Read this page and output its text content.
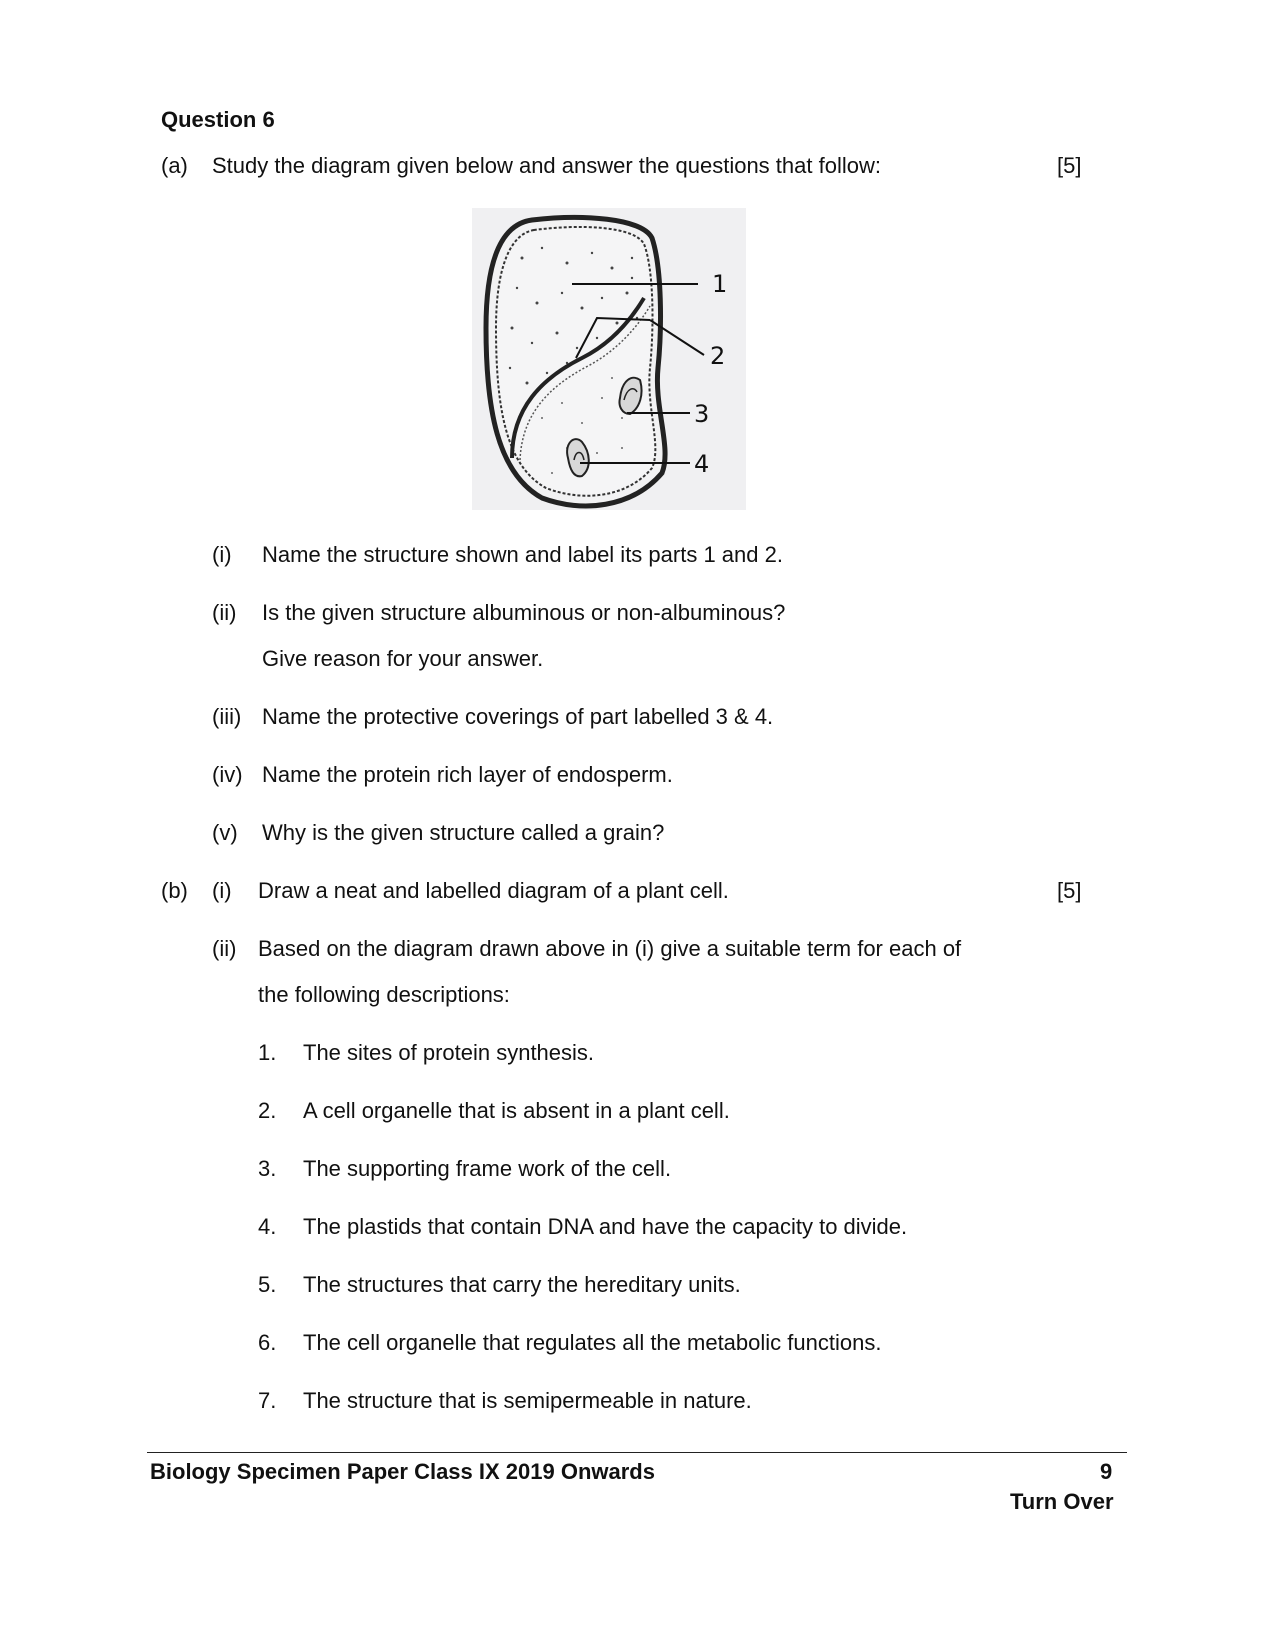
Question 6
(a) Study the diagram given below and answer the questions that follow:	[5]
1
2
3
4
(i) Name the structure shown and label its parts 1 and 2.
(ii) Is the given structure albuminous or non-albuminous?
Give reason for your answer.
(iii) Name the protective coverings of part labelled 3 & 4.
(iv) Name the protein rich layer of endosperm.
(v) Why is the given structure called a grain?
(b) (i) Draw a neat and labelled diagram of a plant cell.	[5]
(ii) Based on the diagram drawn above in (i) give a suitable term for each of
the following descriptions:
1. The sites of protein synthesis.
2. A cell organelle that is absent in a plant cell.
3. The supporting frame work of the cell.
4. The plastids that contain DNA and have the capacity to divide.
5. The structures that carry the hereditary units.
6. The cell organelle that regulates all the metabolic functions.
7. The structure that is semipermeable in nature.
Biology Specimen Paper Class IX 2019 Onwards	9
Turn Over
